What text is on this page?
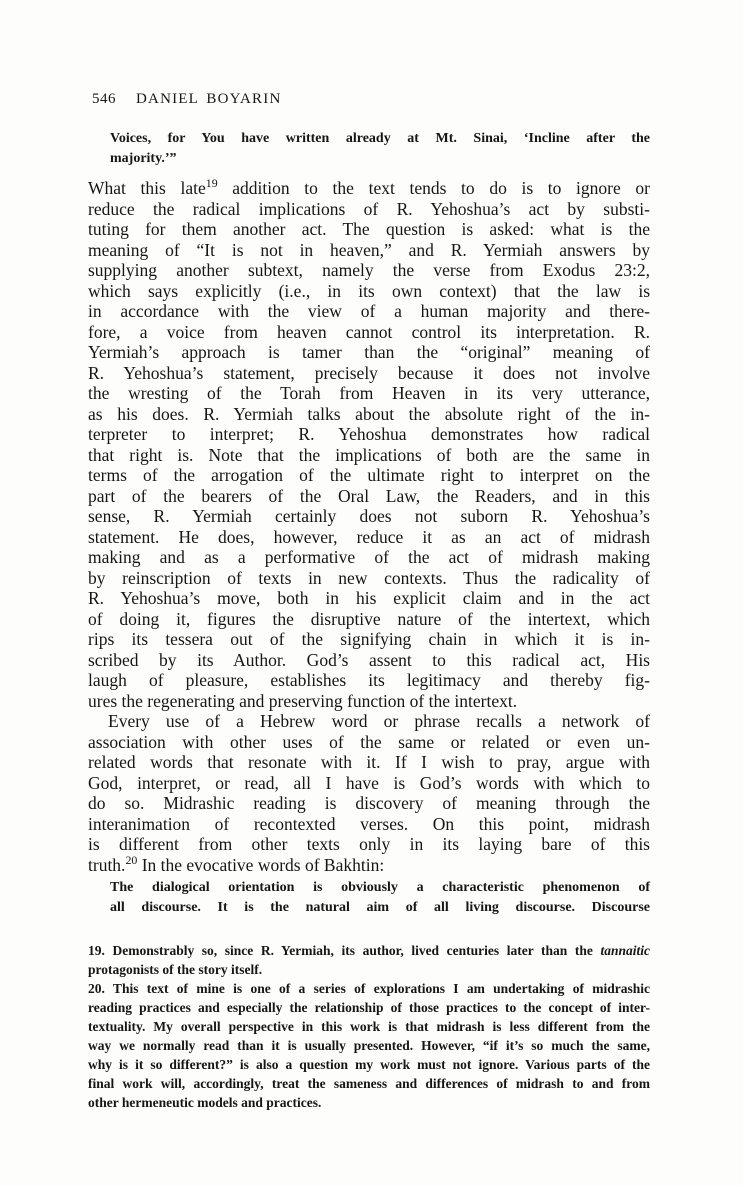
546 DANIEL BOYARIN
Voices, for You have written already at Mt. Sinai, ‘Incline after the
majority.’”
What this late$^{19}$ addition to the text tends to do is to ignore or
reduce the radical implications of R. Yehoshua’s act by substi-
tuting for them another act. The question is asked: what is the
meaning of “It is not in heaven,” and R. Yermiah answers by
supplying another subtext, namely the verse from Exodus 23:2,
which says explicitly (i.e., in its own context) that the law is
in accordance with the view of a human majority and there-
fore, a voice from heaven cannot control its interpretation. R.
Yermiah’s approach is tamer than the “original” meaning of
R. Yehoshua’s statement, precisely because it does not involve
the wresting of the Torah from Heaven in its very utterance,
as his does. R. Yermiah talks about the absolute right of the in-
terpreter to interpret; R. Yehoshua demonstrates how radical
that right is. Note that the implications of both are the same in
terms of the arrogation of the ultimate right to interpret on the
part of the bearers of the Oral Law, the Readers, and in this
sense, R. Yermiah certainly does not suborn R. Yehoshua’s
statement. He does, however, reduce it as an act of midrash
making and as a performative of the act of midrash making
by reinscription of texts in new contexts. Thus the radicality of
R. Yehoshua’s move, both in his explicit claim and in the act
of doing it, figures the disruptive nature of the intertext, which
rips its tessera out of the signifying chain in which it is in-
scribed by its Author. God’s assent to this radical act, His
laugh of pleasure, establishes its legitimacy and thereby fig-
ures the regenerating and preserving function of the intertext.
Every use of a Hebrew word or phrase recalls a network of
association with other uses of the same or related or even un-
related words that resonate with it. If I wish to pray, argue with
God, interpret, or read, all I have is God’s words with which to
do so. Midrashic reading is discovery of meaning through the
interanimation of recontexted verses. On this point, midrash
is different from other texts only in its laying bare of this
truth.$^{20}$ In the evocative words of Bakhtin:
The dialogical orientation is obviously a characteristic phenomenon of
all discourse. It is the natural aim of all living discourse. Discourse
19. Demonstrably so, since R. Yermiah, its author, lived centuries later than the tannaitic
protagonists of the story itself.
20. This text of mine is one of a series of explorations I am undertaking of midrashic
reading practices and especially the relationship of those practices to the concept of inter-
textuality. My overall perspective in this work is that midrash is less different from the
way we normally read than it is usually presented. However, “if it’s so much the same,
why is it so different?” is also a question my work must not ignore. Various parts of the
final work will, accordingly, treat the sameness and differences of midrash to and from
other hermeneutic models and practices.
